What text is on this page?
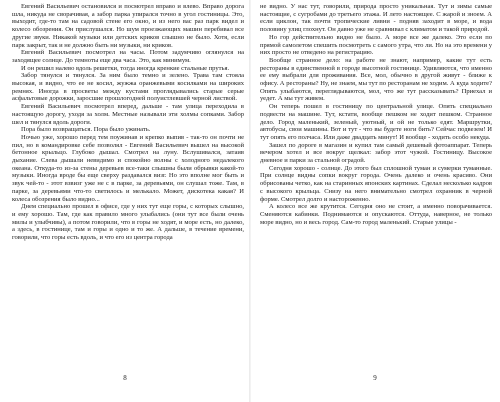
Евгений Васильевич остановился и посмотрел вправо и влево. Вправо дорога шла, никуда не сворачивая, а забор парка упирался точно в угол гостиницы. Это, выходит, где-то там на садовой стене его окно, и из него вас раз парк видел и колесо обозрения. Он прислушался. Но шум проезжающих машин перебивал все другие звуки. Никакой музыки или детских криков слышно не было. Хотя, если парк закрыт, так и не должно быть ни музыки, ни криков.

Евгений Васильевич посмотрел на часы. Потом задумчиво оглянулся на заходящее солнце. До темноты еще два часа. Это, как минимум.

И он решил налево вдоль решетки, тогда иногда кренкие стальные прутья.

Забор тянулся и тянулся. За ним было темно и зелено. Трава там стояла высокая, и видно, что ее не косил, жужжа оранжевыми косилками на широких ремнях. Иногда в просветы между кустами проглядывались старые серые асфальтовые дорожки, заросшие прошлогодней полуистлевшей черной листвой.

Евгений Васильевич посмотрел вперед, дальше - там улица переходила в настоящую дорогу, уходя за холм. Местные называли эти холмы сопками. Забор шел и тянулся вдоль дороги.

Пора было возвращаться. Пора было ужинать.

Ночью уже, хорошо перед тем поужинав и крепко выпив - так-то он почти не пил, но в командировке себе позволял - Евгений Васильевич вышел на высокой бетонное крыльцо. Глубоко дышал. Смотрел на луну. Вслушивался, затаив дыхание. Слева дышали невидимо и спокойно волны с холодного недалекого океана. Откуда-то из-за стены деревьев все-таки слышны были обрывки какой-то музыки. Иногда вроде бы еще сверху раздавался визг. Но это вполне мог быть и звук чей-то - этот взвизг уже не с в парке, за деревьями, он слушал тоже. Там, в парке, за деревьями что-то светилось и мелькало. Может, дискотека какая? И колеса обозрения было видно...

Днем специально прошел в офисе, где у них тут еще горы, с которых слышно, и ему хорошо. Там, где как правило много улыбались (они тут все были очень милы и улыбчивы), а потом говорили, что в горы не ходят, и море есть, но далеко, а здесь, в гостинице, там и горы и одно и то же. А дальше, в течение времени, говорили, что горы есть вдоль, и что его из центра города

8

не видно. У нас тут, говорили, природа просто уникальная. Тут и зимы самые настоящие, с сугробами до третьего этажа. И лето настоящее. С жарой и зноем. А если циклон, так почти тропические ливни - подняв заходит в море, и вода половину улиц глохнут. Он давно уже не сравнивал с климатом и такой природой.

Но гор действительно видно не было. А море все же далеко. Это если по прямой самолетом спешить посмотреть с самого утра, что ли. Но на это времени у них просто не отведено на регистрацию.

Вообще странное дело: на работе не знают, например, какие тут есть рестораны в единственной в городе высотной гостинице. Удивляются, что именно ее ему выбрали для проживания. Все, мол, обычно в другой живут - ближе к офису. А рестораны? Ну, не знаем, мы тут по ресторанам не ходим. А куда ходите? Опять улыбаются, переглядываются, мол, что же тут рассказывать? Приехал и уедет. А мы тут живем.

Он теперь пошел в гостиницу по центральной улице. Опять специально подвести на машине. Тут, кстати, вообще пешком не ходит пешком. Странное дело. Город маленький, зеленый, уютный, и ой не только едят. Маршрутки, автобусы, свои машины. Вот и тут - что вы будете ноги бить? Сейчас подвезем! И тут опять его полчаса. Или даже двадцать минут! И вообще - ходить особо некуда.

Зашел по дороге в магазин и купил там самый дешевый фотоаппарат. Теперь вечером хотел и все вокруг щелкал: забор этот чужой. Гостиницу. Высокое дневное и парки за стальной оградой.

Сегодня хорошо - солнце. До этого был сплошной туман и сумерки туманные. При солнце видны сопки вокруг города. Очень далеко и очень красиво. Они обрисованы четко, как на старинных японских картинах. Сделал несколько кадров с высокого крыльца. Снизу на него внимательно смотрел охранник в черной форме. Смотрел долго и настороженно.

А колесо все же крутится. Сегодня оно не стоит, а именно поворачивается. Сменяются кабинки. Поднимаются и опускаются. Оттуда, наверное, не только море видно, но и весь город. Сам-то город маленький. Старые улицы -

9
